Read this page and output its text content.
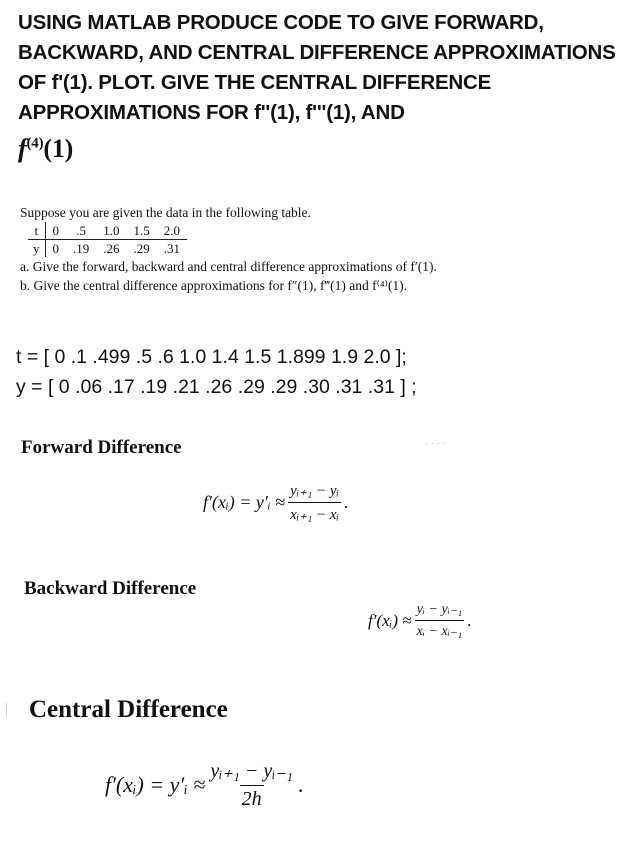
USING MATLAB PRODUCE CODE TO GIVE FORWARD, BACKWARD, AND CENTRAL DIFFERENCE APPROXIMATIONS OF f'(1). PLOT. GIVE THE CENTRAL DIFFERENCE APPROXIMATIONS FOR f''(1), f'''(1), AND
$f^{(4)}(1)$

Suppose you are given the data in the following table.

t	0	.5	1.0	1.5	2.0
y	0	.19	.26	.29	.31

a. Give the forward, backward and central difference approximations of f′(1).

b. Give the central difference approximations for f″(1), f‴(1) and f⁽⁴⁾(1).

t = [ 0 .1 .499 .5 .6 1.0 1.4 1.5 1.899 1.9 2.0 ];
y = [ 0 .06 .17 .19 .21 .26 .29 .29 .30 .31 .31 ] ;
....
Forward Difference
f′(xᵢ) = y′ᵢ ≈ $\frac{\text{yᵢ₊₁ − yᵢ}}{\text{xᵢ₊₁ − xᵢ}}$ .
Backward Difference
f′(xᵢ) ≈ $\frac{\text{yᵢ − yᵢ₋₁}}{\text{xᵢ − xᵢ₋₁}}$ .
Central Difference
f′(xᵢ) = y′ᵢ ≈ $\frac{\text{yᵢ₊₁ − yᵢ₋₁}}{2h}$ .
